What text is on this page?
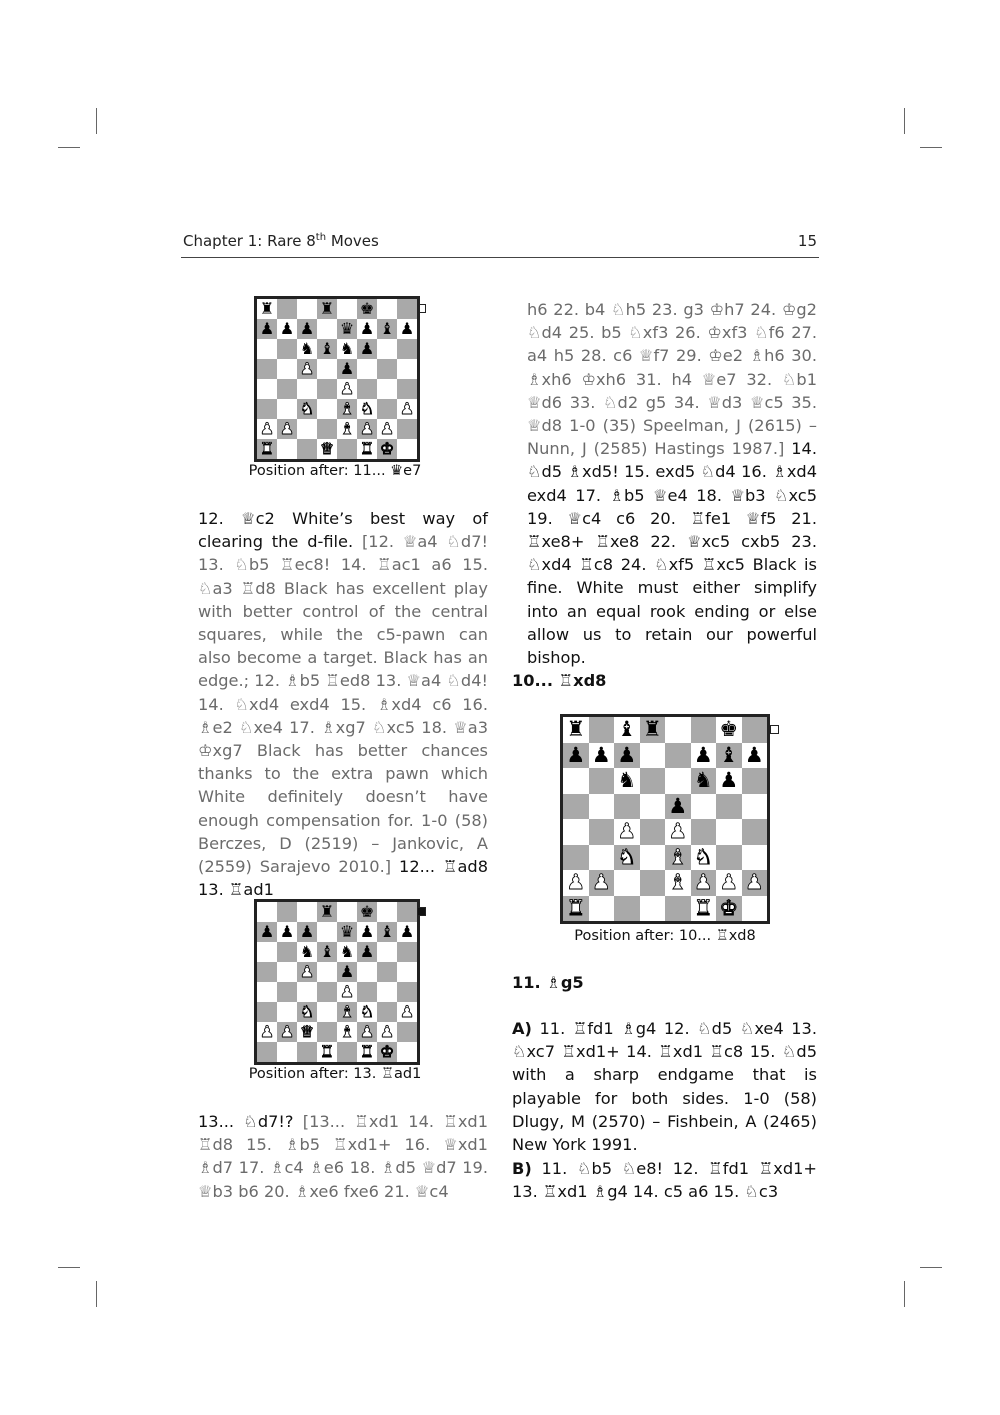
Chapter 1: Rare 8th Moves	15
♜	♜ ♚
♟ ♟ ♟ ♛ ♟ ♝ ♟
♞ ♝ ♞ ♟
♟ ♟
♟
♞ ♝ ♞ ♟
♟ ♟	♝ ♟ ♟
♜	♛ ♜ ♚
Position after: 11... ♛e7

12. ♕c2 White’s best way of clearing the d-file. [12. ♕a4 ♘d7! 13. ♘b5 ♖ec8! 14. ♖ac1 a6 15. ♘a3 ♖d8 Black has excellent play with better control of the central squares, while the c5-pawn can also become a target. Black has an edge.; 12. ♗b5 ♖ed8 13. ♕a4 ♘d4! 14. ♘xd4 exd4 15. ♗xd4 c6 16. ♗e2 ♘xe4 17. ♗xg7 ♘xc5 18. ♕a3 ♔xg7 Black has better chances thanks to the extra pawn which White definitely doesn’t have enough compensation for. 1-0 (58) Berczes, D (2519) – Jankovic, A (2559) Sarajevo 2010.] 12... ♖ad8 13. ♖ad1

♜ ♚
♟ ♟ ♟ ♛ ♟ ♝ ♟
♞ ♝ ♞ ♟
♟ ♟
♟
♞ ♝ ♞ ♟
♟ ♟ ♛ ♝ ♟ ♟
♜ ♜ ♚
Position after: 13. ♖ad1

13... ♘d7!? [13... ♖xd1 14. ♖xd1 ♖d8 15. ♗b5 ♖xd1+ 16. ♕xd1 ♗d7 17. ♗c4 ♗e6 18. ♗d5 ♕d7 19. ♕b3 b6 20. ♗xe6 fxe6 21. ♕c4

h6 22. b4 ♘h5 23. g3 ♔h7 24. ♔g2 ♘d4 25. b5 ♘xf3 26. ♔xf3 ♘f6 27. a4 h5 28. c6 ♕f7 29. ♔e2 ♗h6 30. ♗xh6 ♔xh6 31. h4 ♕e7 32. ♘b1 ♕d6 33. ♘d2 g5 34. ♕d3 ♕c5 35. ♕d8 1-0 (35) Speelman, J (2615) – Nunn, J (2585) Hastings 1987.] 14. ♘d5 ♗xd5! 15. exd5 ♘d4 16. ♗xd4 exd4 17. ♗b5 ♕e4 18. ♕b3 ♘xc5 19. ♕c4 c6 20. ♖fe1 ♕f5 21. ♖xe8+ ♖xe8 22. ♕xc5 cxb5 23. ♘xd4 ♖c8 24. ♘xf5 ♖xc5 Black is fine. White must either simplify into an equal rook ending or else allow us to retain our powerful bishop.

10... ♖xd8
♜ ♝ ♜	♚
♟ ♟ ♟	♟ ♝ ♟
♞	♞ ♟
♟
♟ ♟
♞ ♝ ♞
♟ ♟	♝ ♟ ♟ ♟
♜	♜ ♚
Position after: 10... ♖xd8
11. ♗g5

A) 11. ♖fd1 ♗g4 12. ♘d5 ♘xe4 13. ♘xc7 ♖xd1+ 14. ♖xd1 ♖c8 15. ♘d5 with a sharp endgame that is playable for both sides. 1-0 (58) Dlugy, M (2570) – Fishbein, A (2465) New York 1991.

B) 11. ♘b5 ♘e8! 12. ♖fd1 ♖xd1+ 13. ♖xd1 ♗g4 14. c5 a6 15. ♘c3
